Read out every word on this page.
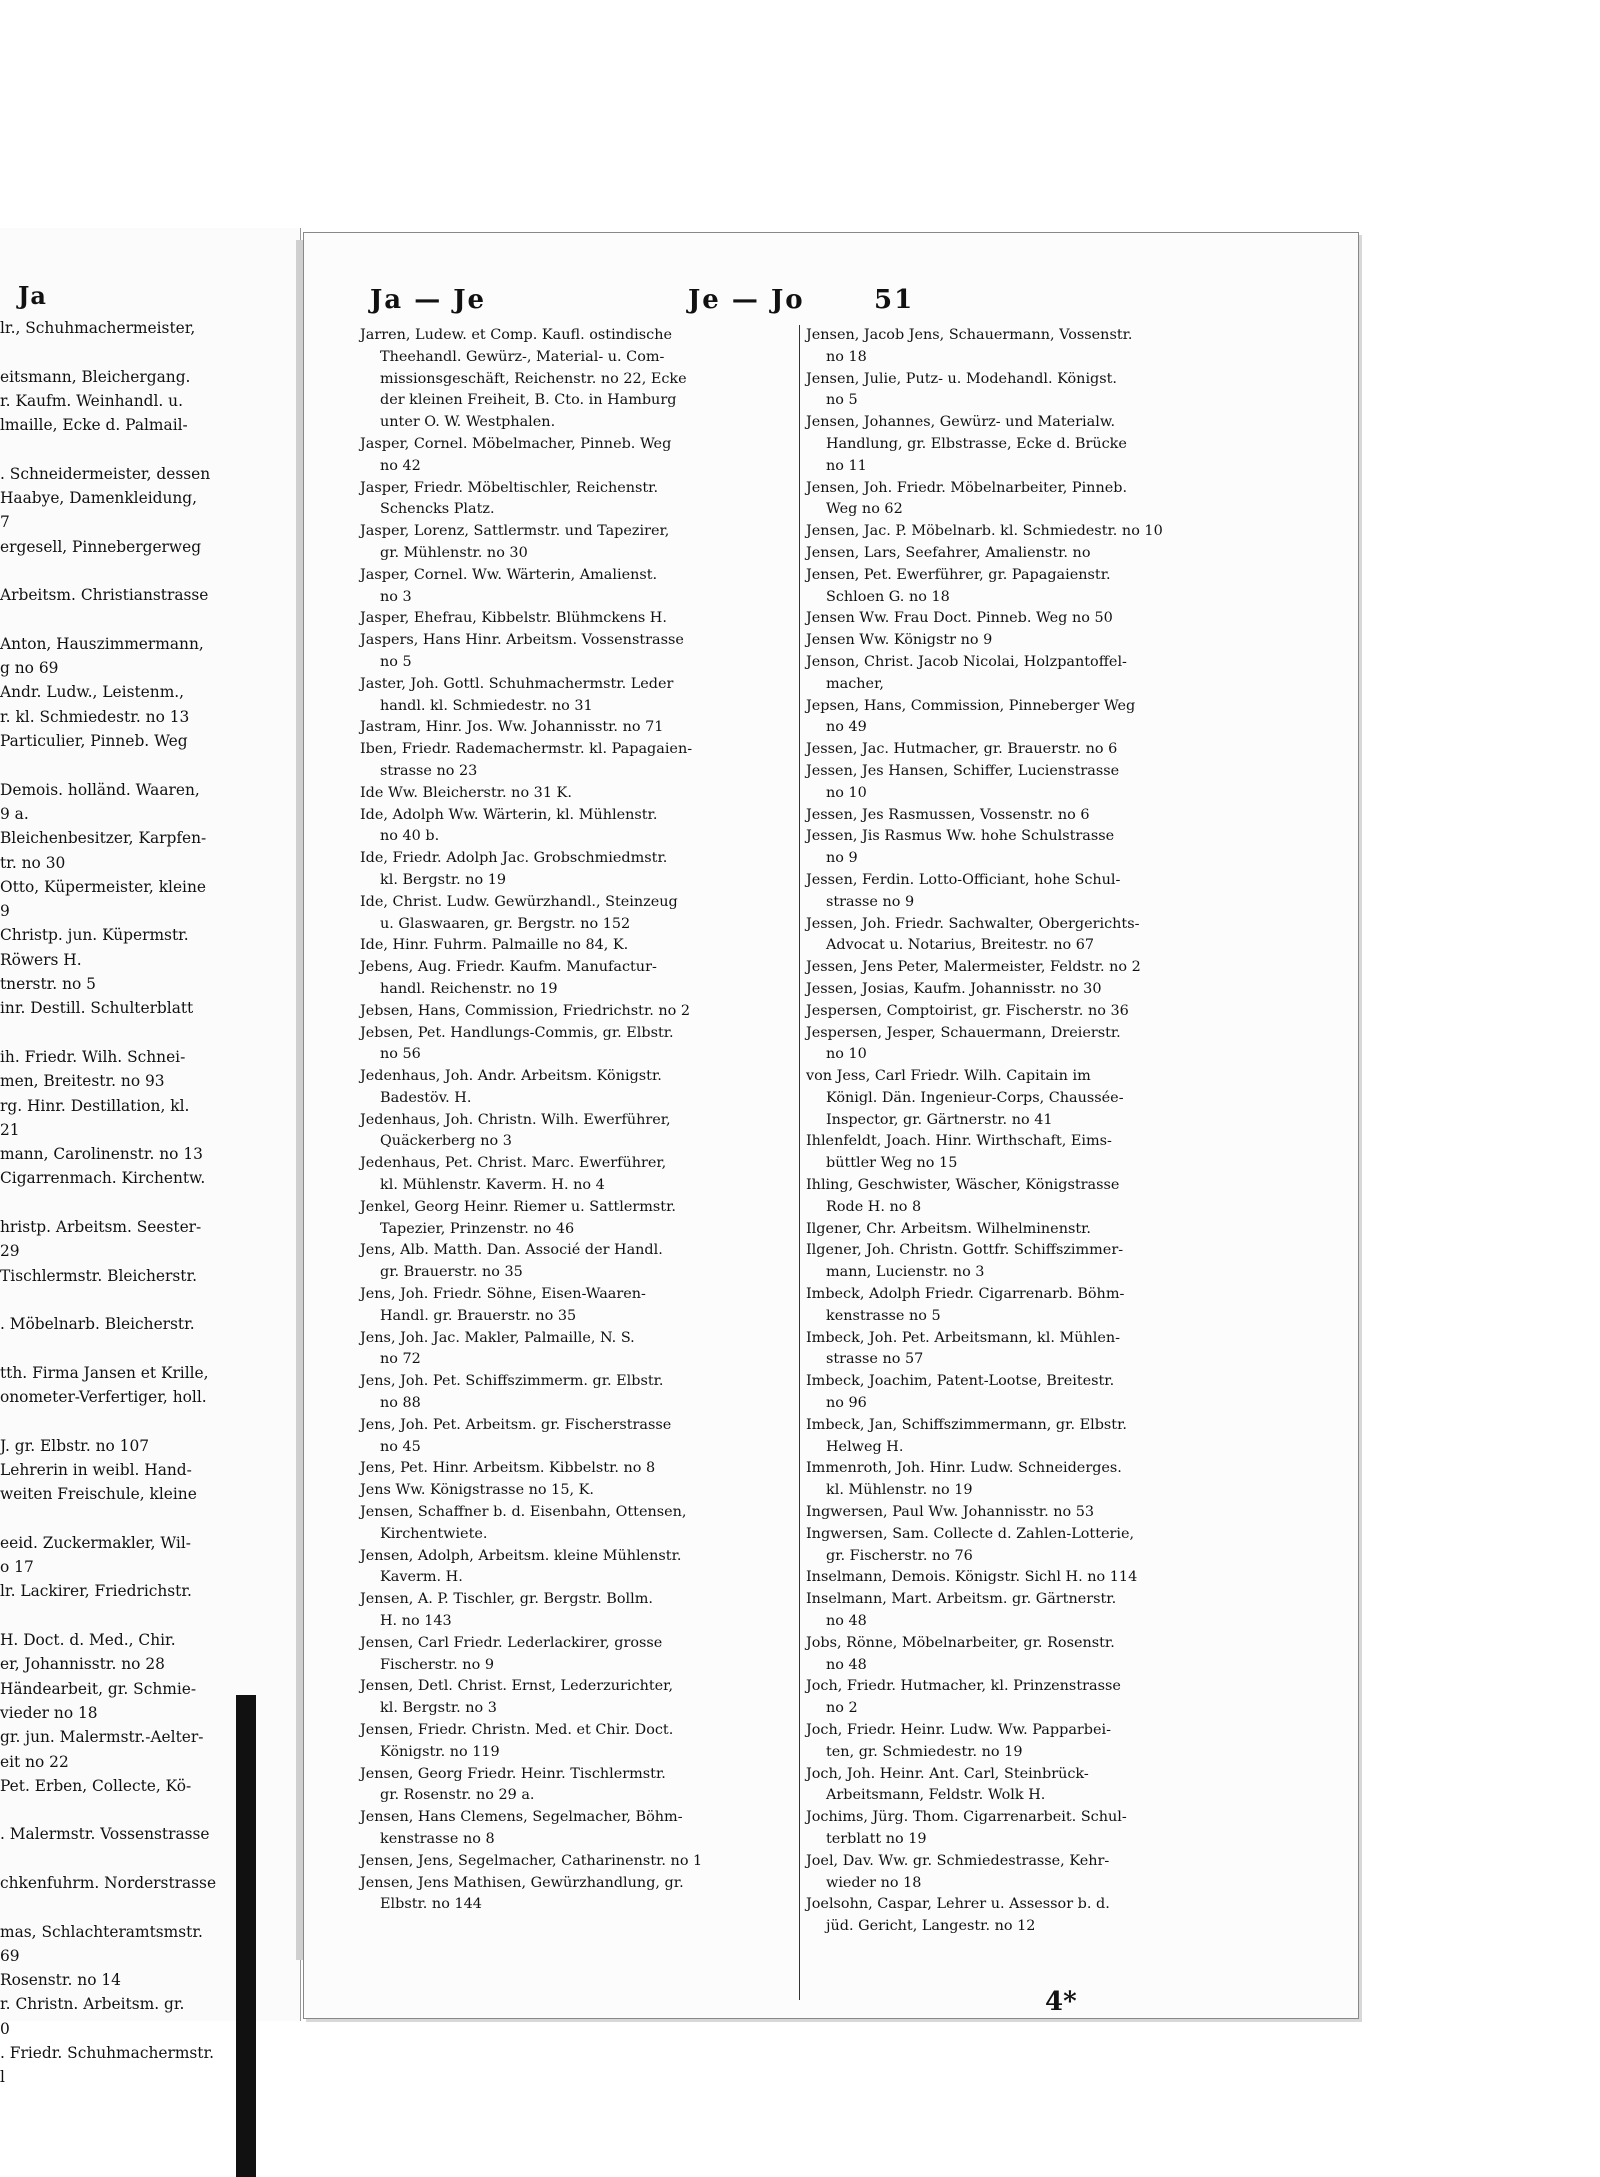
Ja
lr., Schuhmachermeister,
eitsmann, Bleichergang.
r. Kaufm. Weinhandl. u.
lmaille, Ecke d. Palmail-
. Schneidermeister, dessen
Haabye, Damenkleidung,
7
ergesell, Pinnebergerweg
Arbeitsm. Christianstrasse
Anton, Hauszimmermann,
g no 69
Andr. Ludw., Leistenm.,
r. kl. Schmiedestr. no 13
Particulier, Pinneb. Weg
Demois. holländ. Waaren,
9 a.
Bleichenbesitzer, Karpfen-
tr. no 30
Otto, Küpermeister, kleine
9
Christp. jun. Küpermstr.
Röwers H.
tnerstr. no 5
inr. Destill. Schulterblatt
ih. Friedr. Wilh. Schnei-
men, Breitestr. no 93
rg. Hinr. Destillation, kl.
21
mann, Carolinenstr. no 13
Cigarrenmach. Kirchentw.
hristp. Arbeitsm. Seester-
29
Tischlermstr. Bleicherstr.
. Möbelnarb. Bleicherstr.
tth. Firma Jansen et Krille,
onometer-Verfertiger, holl.
J. gr. Elbstr. no 107
Lehrerin in weibl. Hand-
weiten Freischule, kleine
eeid. Zuckermakler, Wil-
o 17
lr. Lackirer, Friedrichstr.
H. Doct. d. Med., Chir.
er, Johannisstr. no 28
Händearbeit, gr. Schmie-
vieder no 18
gr. jun. Malermstr.-Aelter-
eit no 22
Pet. Erben, Collecte, Kö-
. Malermstr. Vossenstrasse
chkenfuhrm. Norderstrasse
mas, Schlachteramtsmstr.
69
Rosenstr. no 14
r. Christn. Arbeitsm. gr.
0
. Friedr. Schuhmachermstr.
l
Ja — Je	Je — Jo	51
Jarren, Ludew. et Comp. Kaufl. ostindische
Theehandl. Gewürz-, Material- u. Com-
missionsgeschäft, Reichenstr. no 22, Ecke
der kleinen Freiheit, B. Cto. in Hamburg
unter O. W. Westphalen.
Jasper, Cornel. Möbelmacher, Pinneb. Weg
no 42
Jasper, Friedr. Möbeltischler, Reichenstr.
Schencks Platz.
Jasper, Lorenz, Sattlermstr. und Tapezirer,
gr. Mühlenstr. no 30
Jasper, Cornel. Ww. Wärterin, Amalienst.
no 3
Jasper, Ehefrau, Kibbelstr. Blühmckens H.
Jaspers, Hans Hinr. Arbeitsm. Vossenstrasse
no 5
Jaster, Joh. Gottl. Schuhmachermstr. Leder
handl. kl. Schmiedestr. no 31
Jastram, Hinr. Jos. Ww. Johannisstr. no 71
Iben, Friedr. Rademachermstr. kl. Papagaien-
strasse no 23
Ide Ww. Bleicherstr. no 31 K.
Ide, Adolph Ww. Wärterin, kl. Mühlenstr.
no 40 b.
Ide, Friedr. Adolph Jac. Grobschmiedmstr.
kl. Bergstr. no 19
Ide, Christ. Ludw. Gewürzhandl., Steinzeug
u. Glaswaaren, gr. Bergstr. no 152
Ide, Hinr. Fuhrm. Palmaille no 84, K.
Jebens, Aug. Friedr. Kaufm. Manufactur-
handl. Reichenstr. no 19
Jebsen, Hans, Commission, Friedrichstr. no 2
Jebsen, Pet. Handlungs-Commis, gr. Elbstr.
no 56
Jedenhaus, Joh. Andr. Arbeitsm. Königstr.
Badestöv. H.
Jedenhaus, Joh. Christn. Wilh. Ewerführer,
Quäckerberg no 3
Jedenhaus, Pet. Christ. Marc. Ewerführer,
kl. Mühlenstr. Kaverm. H. no 4
Jenkel, Georg Heinr. Riemer u. Sattlermstr.
Tapezier, Prinzenstr. no 46
Jens, Alb. Matth. Dan. Associé der Handl.
gr. Brauerstr. no 35
Jens, Joh. Friedr. Söhne, Eisen-Waaren-
Handl. gr. Brauerstr. no 35
Jens, Joh. Jac. Makler, Palmaille, N. S.
no 72
Jens, Joh. Pet. Schiffszimmerm. gr. Elbstr.
no 88
Jens, Joh. Pet. Arbeitsm. gr. Fischerstrasse
no 45
Jens, Pet. Hinr. Arbeitsm. Kibbelstr. no 8
Jens Ww. Königstrasse no 15, K.
Jensen, Schaffner b. d. Eisenbahn, Ottensen,
Kirchentwiete.
Jensen, Adolph, Arbeitsm. kleine Mühlenstr.
Kaverm. H.
Jensen, A. P. Tischler, gr. Bergstr. Bollm.
H. no 143
Jensen, Carl Friedr. Lederlackirer, grosse
Fischerstr. no 9
Jensen, Detl. Christ. Ernst, Lederzurichter,
kl. Bergstr. no 3
Jensen, Friedr. Christn. Med. et Chir. Doct.
Königstr. no 119
Jensen, Georg Friedr. Heinr. Tischlermstr.
gr. Rosenstr. no 29 a.
Jensen, Hans Clemens, Segelmacher, Böhm-
kenstrasse no 8
Jensen, Jens, Segelmacher, Catharinenstr. no 1
Jensen, Jens Mathisen, Gewürzhandlung, gr.
Elbstr. no 144
Jensen, Jacob Jens, Schauermann, Vossenstr.
no 18
Jensen, Julie, Putz- u. Modehandl. Königst.
no 5
Jensen, Johannes, Gewürz- und Materialw.
Handlung, gr. Elbstrasse, Ecke d. Brücke
no 11
Jensen, Joh. Friedr. Möbelnarbeiter, Pinneb.
Weg no 62
Jensen, Jac. P. Möbelnarb. kl. Schmiedestr. no 10
Jensen, Lars, Seefahrer, Amalienstr. no
Jensen, Pet. Ewerführer, gr. Papagaienstr.
Schloen G. no 18
Jensen Ww. Frau Doct. Pinneb. Weg no 50
Jensen Ww. Königstr no 9
Jenson, Christ. Jacob Nicolai, Holzpantoffel-
macher,
Jepsen, Hans, Commission, Pinneberger Weg
no 49
Jessen, Jac. Hutmacher, gr. Brauerstr. no 6
Jessen, Jes Hansen, Schiffer, Lucienstrasse
no 10
Jessen, Jes Rasmussen, Vossenstr. no 6
Jessen, Jis Rasmus Ww. hohe Schulstrasse
no 9
Jessen, Ferdin. Lotto-Officiant, hohe Schul-
strasse no 9
Jessen, Joh. Friedr. Sachwalter, Obergerichts-
Advocat u. Notarius, Breitestr. no 67
Jessen, Jens Peter, Malermeister, Feldstr. no 2
Jessen, Josias, Kaufm. Johannisstr. no 30
Jespersen, Comptoirist, gr. Fischerstr. no 36
Jespersen, Jesper, Schauermann, Dreierstr.
no 10
von Jess, Carl Friedr. Wilh. Capitain im
Königl. Dän. Ingenieur-Corps, Chaussée-
Inspector, gr. Gärtnerstr. no 41
Ihlenfeldt, Joach. Hinr. Wirthschaft, Eims-
büttler Weg no 15
Ihling, Geschwister, Wäscher, Königstrasse
Rode H. no 8
Ilgener, Chr. Arbeitsm. Wilhelminenstr.
Ilgener, Joh. Christn. Gottfr. Schiffszimmer-
mann, Lucienstr. no 3
Imbeck, Adolph Friedr. Cigarrenarb. Böhm-
kenstrasse no 5
Imbeck, Joh. Pet. Arbeitsmann, kl. Mühlen-
strasse no 57
Imbeck, Joachim, Patent-Lootse, Breitestr.
no 96
Imbeck, Jan, Schiffszimmermann, gr. Elbstr.
Helweg H.
Immenroth, Joh. Hinr. Ludw. Schneiderges.
kl. Mühlenstr. no 19
Ingwersen, Paul Ww. Johannisstr. no 53
Ingwersen, Sam. Collecte d. Zahlen-Lotterie,
gr. Fischerstr. no 76
Inselmann, Demois. Königstr. Sichl H. no 114
Inselmann, Mart. Arbeitsm. gr. Gärtnerstr.
no 48
Jobs, Rönne, Möbelnarbeiter, gr. Rosenstr.
no 48
Joch, Friedr. Hutmacher, kl. Prinzenstrasse
no 2
Joch, Friedr. Heinr. Ludw. Ww. Papparbei-
ten, gr. Schmiedestr. no 19
Joch, Joh. Heinr. Ant. Carl, Steinbrück-
Arbeitsmann, Feldstr. Wolk H.
Jochims, Jürg. Thom. Cigarrenarbeit. Schul-
terblatt no 19
Joel, Dav. Ww. gr. Schmiedestrasse, Kehr-
wieder no 18
Joelsohn, Caspar, Lehrer u. Assessor b. d.
jüd. Gericht, Langestr. no 12
4*
